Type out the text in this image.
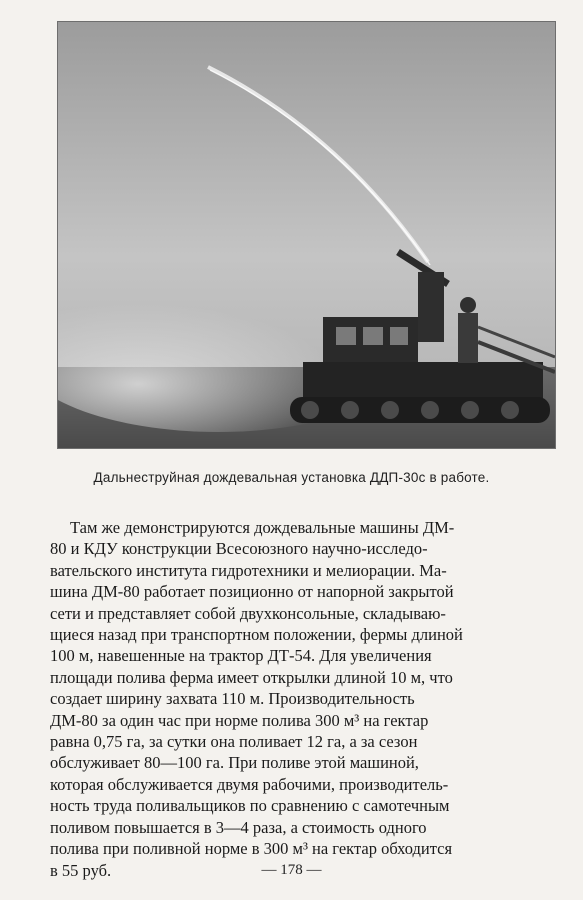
Дальнеструйная дождевальная установка ДДП-30с в работе.
Там же демонстрируются дождевальные машины ДМ-
80 и КДУ конструкции Всесоюзного научно-исследо-
вательского института гидротехники и мелиорации. Ма-
шина ДМ-80 работает позиционно от напорной закрытой
сети и представляет собой двухконсольные, складываю-
щиеся назад при транспортном положении, фермы длиной
100 м, навешенные на трактор ДТ-54. Для увеличения
площади полива ферма имеет открылки длиной 10 м, что
создает ширину захвата 110 м. Производительность
ДМ-80 за один час при норме полива 300 м³ на гектар
равна 0,75 га, за сутки она поливает 12 га, а за сезон
обслуживает 80—100 га. При поливе этой машиной,
которая обслуживается двумя рабочими, производитель-
ность труда поливальщиков по сравнению с самотечным
поливом повышается в 3—4 раза, а стоимость одного
полива при поливной норме в 300 м³ на гектар обходится
в 55 руб.	— 178 —
